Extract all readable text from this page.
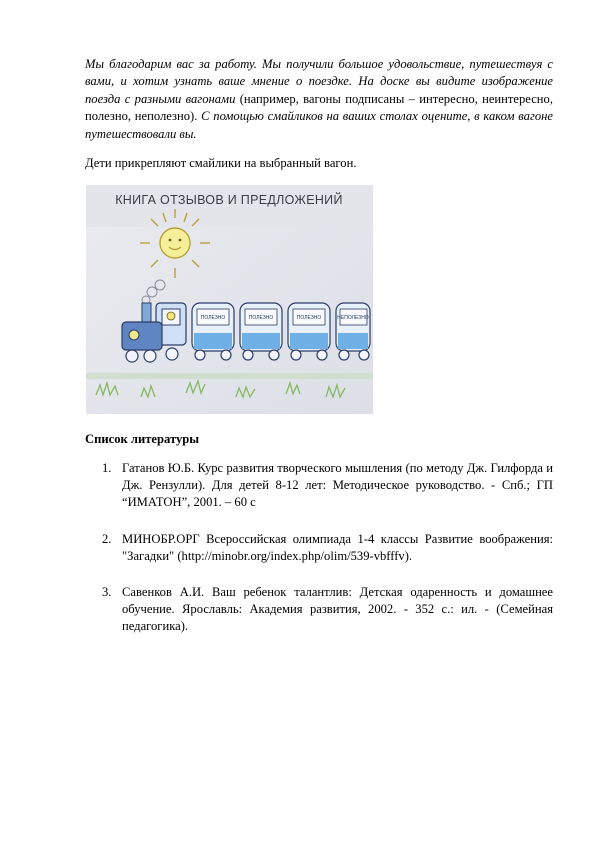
Мы благодарим вас за работу. Мы получили большое удовольствие, путешествуя с вами, и хотим узнать ваше мнение о поездке. На доске вы видите изображение поезда с разными вагонами (например, вагоны подписаны – интересно, неинтересно, полезно, неполезно). С помощью смайликов на ваших столах оцените, в каком вагоне путешествовали вы.

Дети прикрепляют смайлики на выбранный вагон.

КНИГА ОТЗЫВОВ И ПРЕДЛОЖЕНИЙ
ПОЛЕЗНО	ПОЛЕЗНО	ПОЛЕЗНО	НЕПОЛЕЗНО
Список литературы
1. Гатанов Ю.Б. Курс развития творческого мышления (по методу Дж. Гилфорда и Дж. Рензулли). Для детей 8-12 лет: Методическое руководство. - Спб.; ГП “ИМАТОН”, 2001. – 60 с
2. МИНОБР.ОРГ Всероссийская олимпиада 1-4 классы Развитие воображения: "Загадки" (http://minobr.org/index.php/olim/539-vbfffv).
3. Савенков А.И. Ваш ребенок талантлив: Детская одаренность и домашнее обучение. Ярославль: Академия развития, 2002. - 352 с.: ил. - (Семейная педагогика).
